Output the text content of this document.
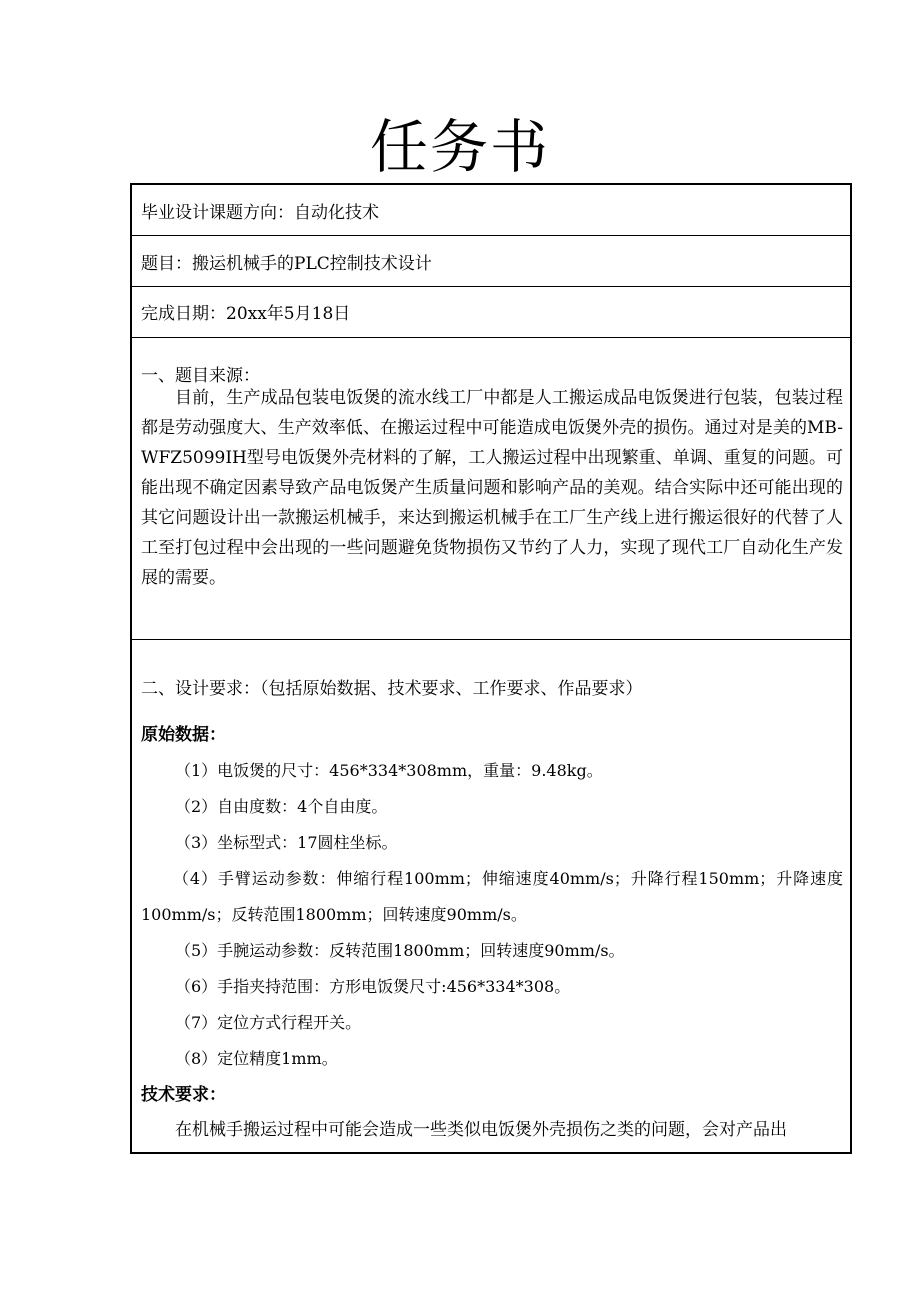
任务书
毕业设计课题方向：自动化技术
题目：搬运机械手的PLC控制技术设计
完成日期：20xx年5月18日
一、题目来源：
目前，生产成品包装电饭煲的流水线工厂中都是人工搬运成品电饭煲进行包装，包装过程都是劳动强度大、生产效率低、在搬运过程中可能造成电饭煲外壳的损伤。通过对是美的MB-WFZ5099IH型号电饭煲外壳材料的了解，工人搬运过程中出现繁重、单调、重复的问题。可能出现不确定因素导致产品电饭煲产生质量问题和影响产品的美观。结合实际中还可能出现的其它问题设计出一款搬运机械手，来达到搬运机械手在工厂生产线上进行搬运很好的代替了人工至打包过程中会出现的一些问题避免货物损伤又节约了人力，实现了现代工厂自动化生产发展的需要。
二、设计要求：（包括原始数据、技术要求、工作要求、作品要求）
原始数据：
（1）电饭煲的尺寸：456*334*308mm，重量：9.48kg。
（2）自由度数：4个自由度。
（3）坐标型式：17圆柱坐标。
（4）手臂运动参数：伸缩行程100mm；伸缩速度40mm/s；升降行程150mm；升降速度100mm/s；反转范围1800mm；回转速度90mm/s。
（5）手腕运动参数：反转范围1800mm；回转速度90mm/s。
（6）手指夹持范围：方形电饭煲尺寸:456*334*308。
（7）定位方式行程开关。
（8）定位精度1mm。
技术要求：
在机械手搬运过程中可能会造成一些类似电饭煲外壳损伤之类的问题，会对产品出
